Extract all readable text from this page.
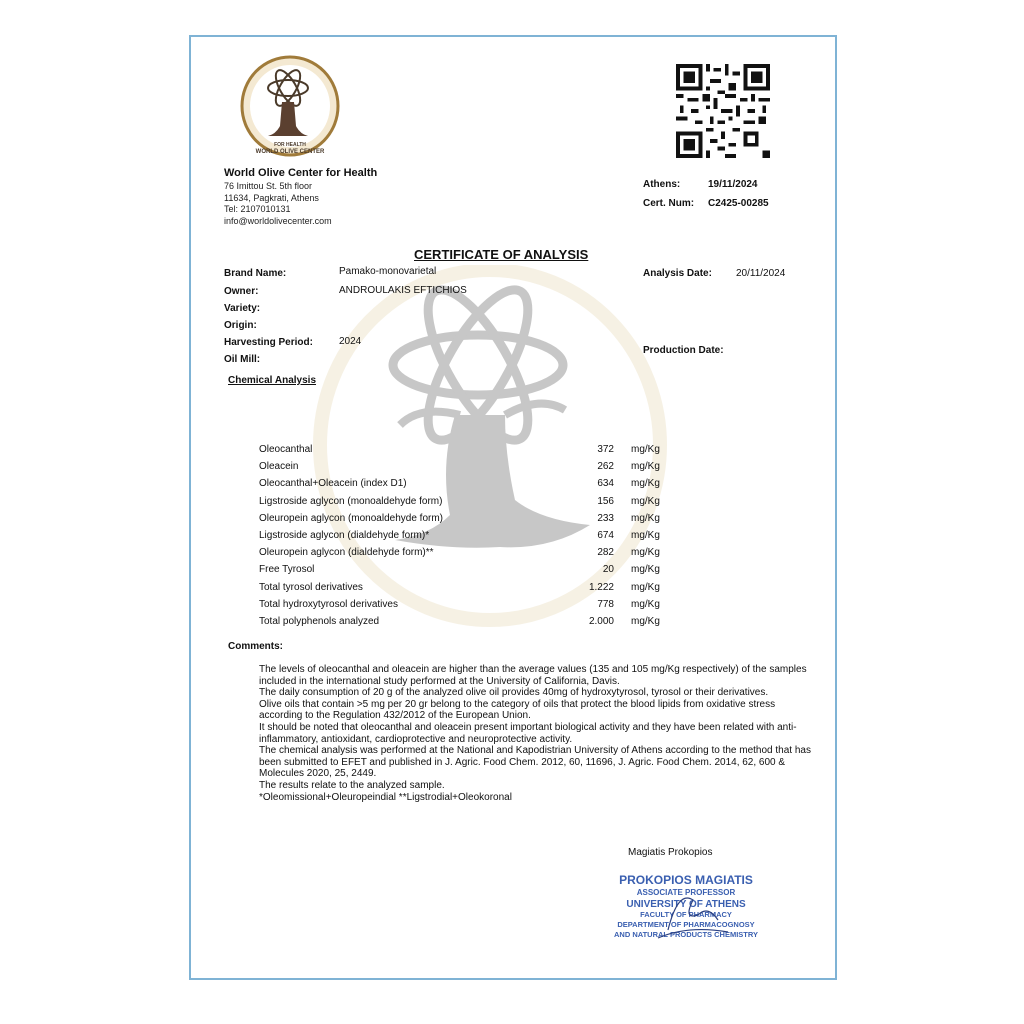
FOR HEALTH
WORLD OLIVE CENTER
World Olive Center for Health
76 Imittou St. 5th floor
11634, Pagkrati, Athens
Tel: 2107010131
info@worldolivecenter.com
Athens:	19/11/2024
Cert. Num: C2425-00285
CERTIFICATE OF ANALYSIS
Brand Name:	Pamako-monovarietal
Owner:	ANDROULAKIS EFTICHIOS
Variety:
Origin:
Harvesting Period:	2024
Oil Mill:
Analysis Date: 20/11/2024
Production Date:
Chemical Analysis
Oleocanthal	372 mg/Kg
Oleacein	262 mg/Kg
Oleocanthal+Oleacein (index D1)	634 mg/Kg
Ligstroside aglycon (monoaldehyde form)	156 mg/Kg
Oleuropein aglycon (monoaldehyde form)	233 mg/Kg
Ligstroside aglycon (dialdehyde form)*	674 mg/Kg
Oleuropein aglycon (dialdehyde form)**	282 mg/Kg
Free Tyrosol	20 mg/Kg
Total tyrosol derivatives	1.222 mg/Kg
Total hydroxytyrosol derivatives	778 mg/Kg
Total polyphenols analyzed	2.000 mg/Kg
Comments:
The levels of oleocanthal and oleacein are higher than the average values (135 and 105 mg/Kg respectively) of the samples included in the international study performed at the University of California, Davis.
The daily consumption of 20 g of the analyzed olive oil provides 40mg of hydroxytyrosol, tyrosol or their derivatives.
Olive oils that contain >5 mg per 20 gr belong to the category of oils that protect the blood lipids from oxidative stress according to the Regulation 432/2012 of the European Union.
It should be noted that oleocanthal and oleacein present important biological activity and they have been related with anti-inflammatory, antioxidant, cardioprotective and neuroprotective activity.
The chemical analysis was performed at the National and Kapodistrian University of Athens according to the method that has been submitted to EFET and published in J. Agric. Food Chem. 2012, 60, 11696, J. Agric. Food Chem. 2014, 62, 600 & Molecules 2020, 25, 2449.
The results relate to the analyzed sample.
*Oleomissional+Oleuropeindial **Ligstrodial+Oleokoronal
Magiatis Prokopios
PROKOPIOS MAGIATIS
ASSOCIATE PROFESSOR
UNIVERSITY OF ATHENS
FACULTY OF PHARMACY
DEPARTMENT OF PHARMACOGNOSY
AND NATURAL PRODUCTS CHEMISTRY
